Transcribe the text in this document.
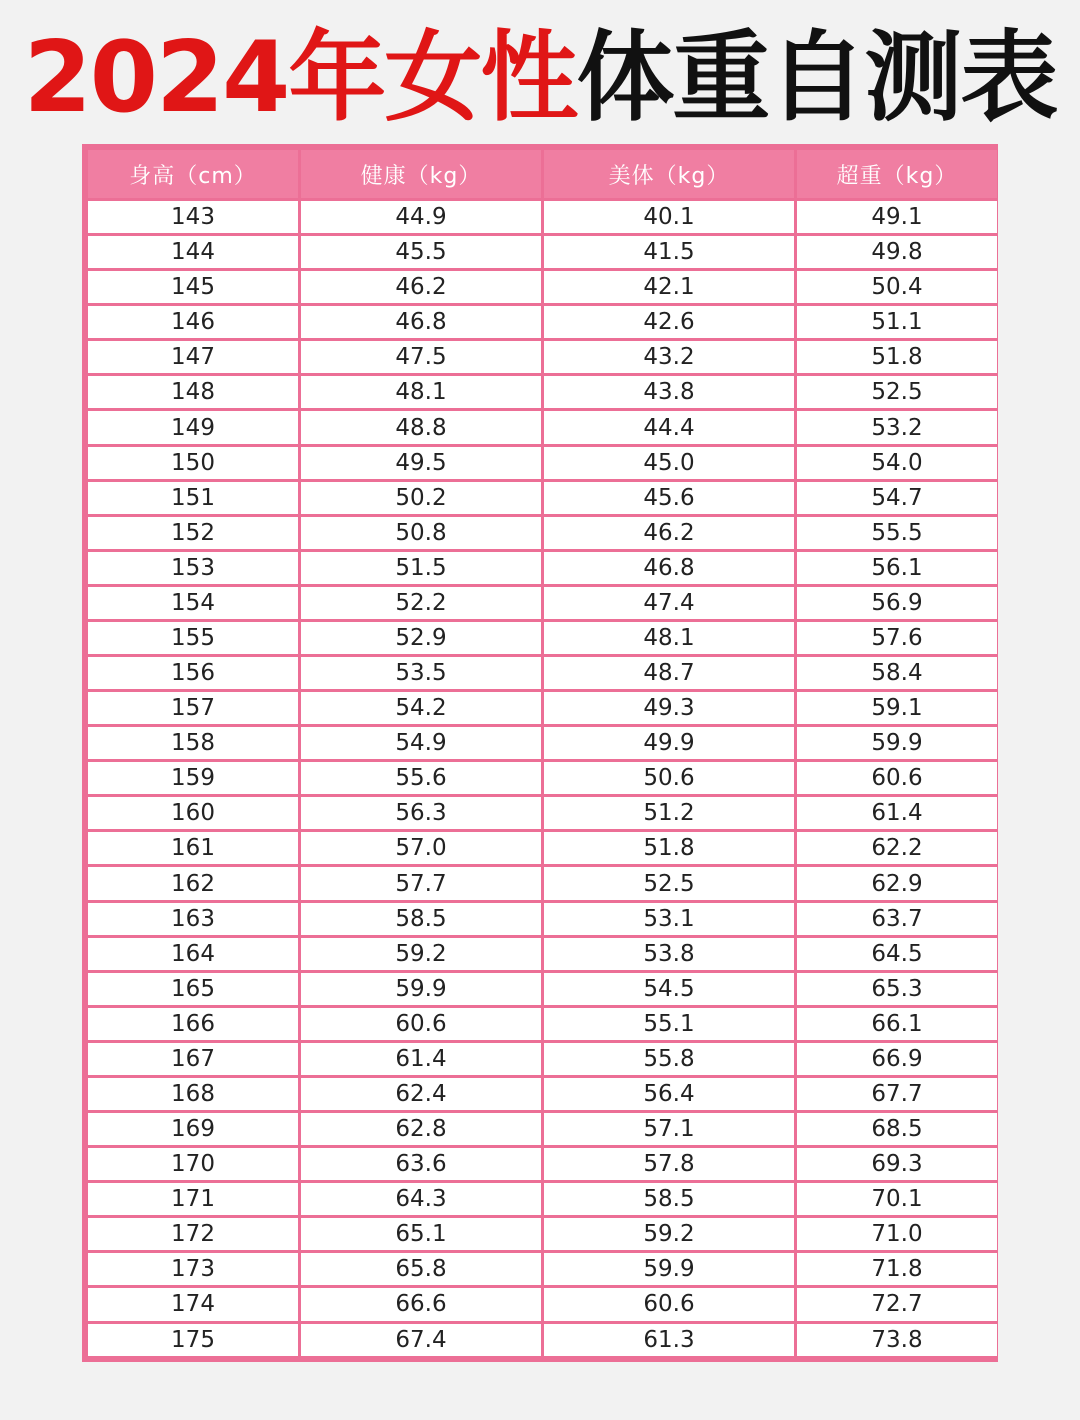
2024年女性体重自测表
身高（cm）	健康（kg）	美体（kg）	超重（kg）
143	44.9	40.1	49.1
144	45.5	41.5	49.8
145	46.2	42.1	50.4
146	46.8	42.6	51.1
147	47.5	43.2	51.8
148	48.1	43.8	52.5
149	48.8	44.4	53.2
150	49.5	45.0	54.0
151	50.2	45.6	54.7
152	50.8	46.2	55.5
153	51.5	46.8	56.1
154	52.2	47.4	56.9
155	52.9	48.1	57.6
156	53.5	48.7	58.4
157	54.2	49.3	59.1
158	54.9	49.9	59.9
159	55.6	50.6	60.6
160	56.3	51.2	61.4
161	57.0	51.8	62.2
162	57.7	52.5	62.9
163	58.5	53.1	63.7
164	59.2	53.8	64.5
165	59.9	54.5	65.3
166	60.6	55.1	66.1
167	61.4	55.8	66.9
168	62.4	56.4	67.7
169	62.8	57.1	68.5
170	63.6	57.8	69.3
171	64.3	58.5	70.1
172	65.1	59.2	71.0
173	65.8	59.9	71.8
174	66.6	60.6	72.7
175	67.4	61.3	73.8
